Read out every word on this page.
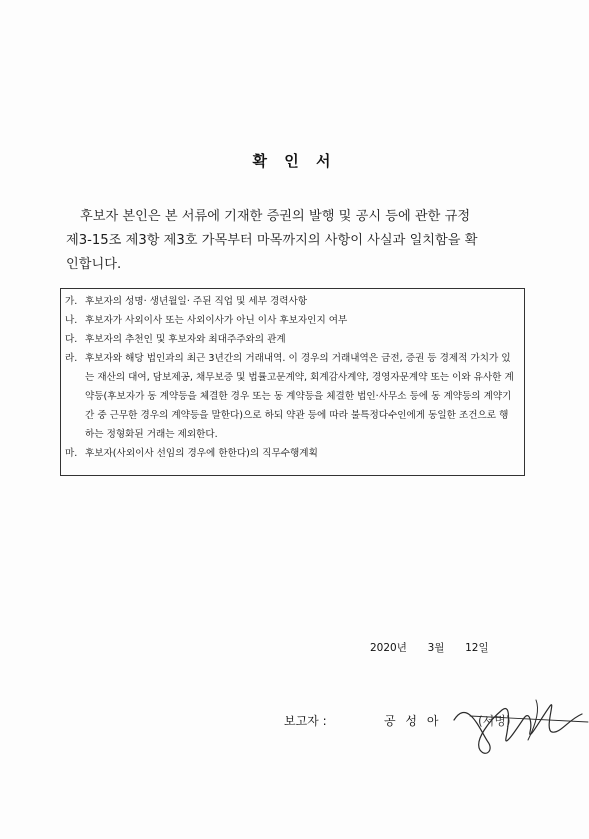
확 인 서
후보자 본인은 본 서류에 기재한 증권의 발행 및 공시 등에 관한 규정
제3-15조 제3항 제3호 가목부터 마목까지의 사항이 사실과 일치함을 확
인합니다.
가. 후보자의 성명· 생년월일· 주된 직업 및 세부 경력사항
나. 후보자가 사외이사 또는 사외이사가 아닌 이사 후보자인지 여부
다. 후보자의 추천인 및 후보자와 최대주주와의 관계
라. 후보자와 해당 법인과의 최근 3년간의 거래내역. 이 경우의 거래내역은 금전, 증권 등 경제적 가치가 있는 재산의 대여, 담보제공, 채무보증 및 법률고문계약, 회계감사계약, 경영자문계약 또는 이와 유사한 계약등(후보자가 동 계약등을 체결한 경우 또는 동 계약등을 체결한 법인·사무소 등에 동 계약등의 계약기간 중 근무한 경우의 계약등을 말한다)으로 하되 약관 등에 따라 불특정다수인에게 동일한 조건으로 행하는 정형화된 거래는 제외한다.
마. 후보자(사외이사 선임의 경우에 한한다)의 직무수행계획
2020년 3월 12일
보고자 :	공 성 아	(서명)
